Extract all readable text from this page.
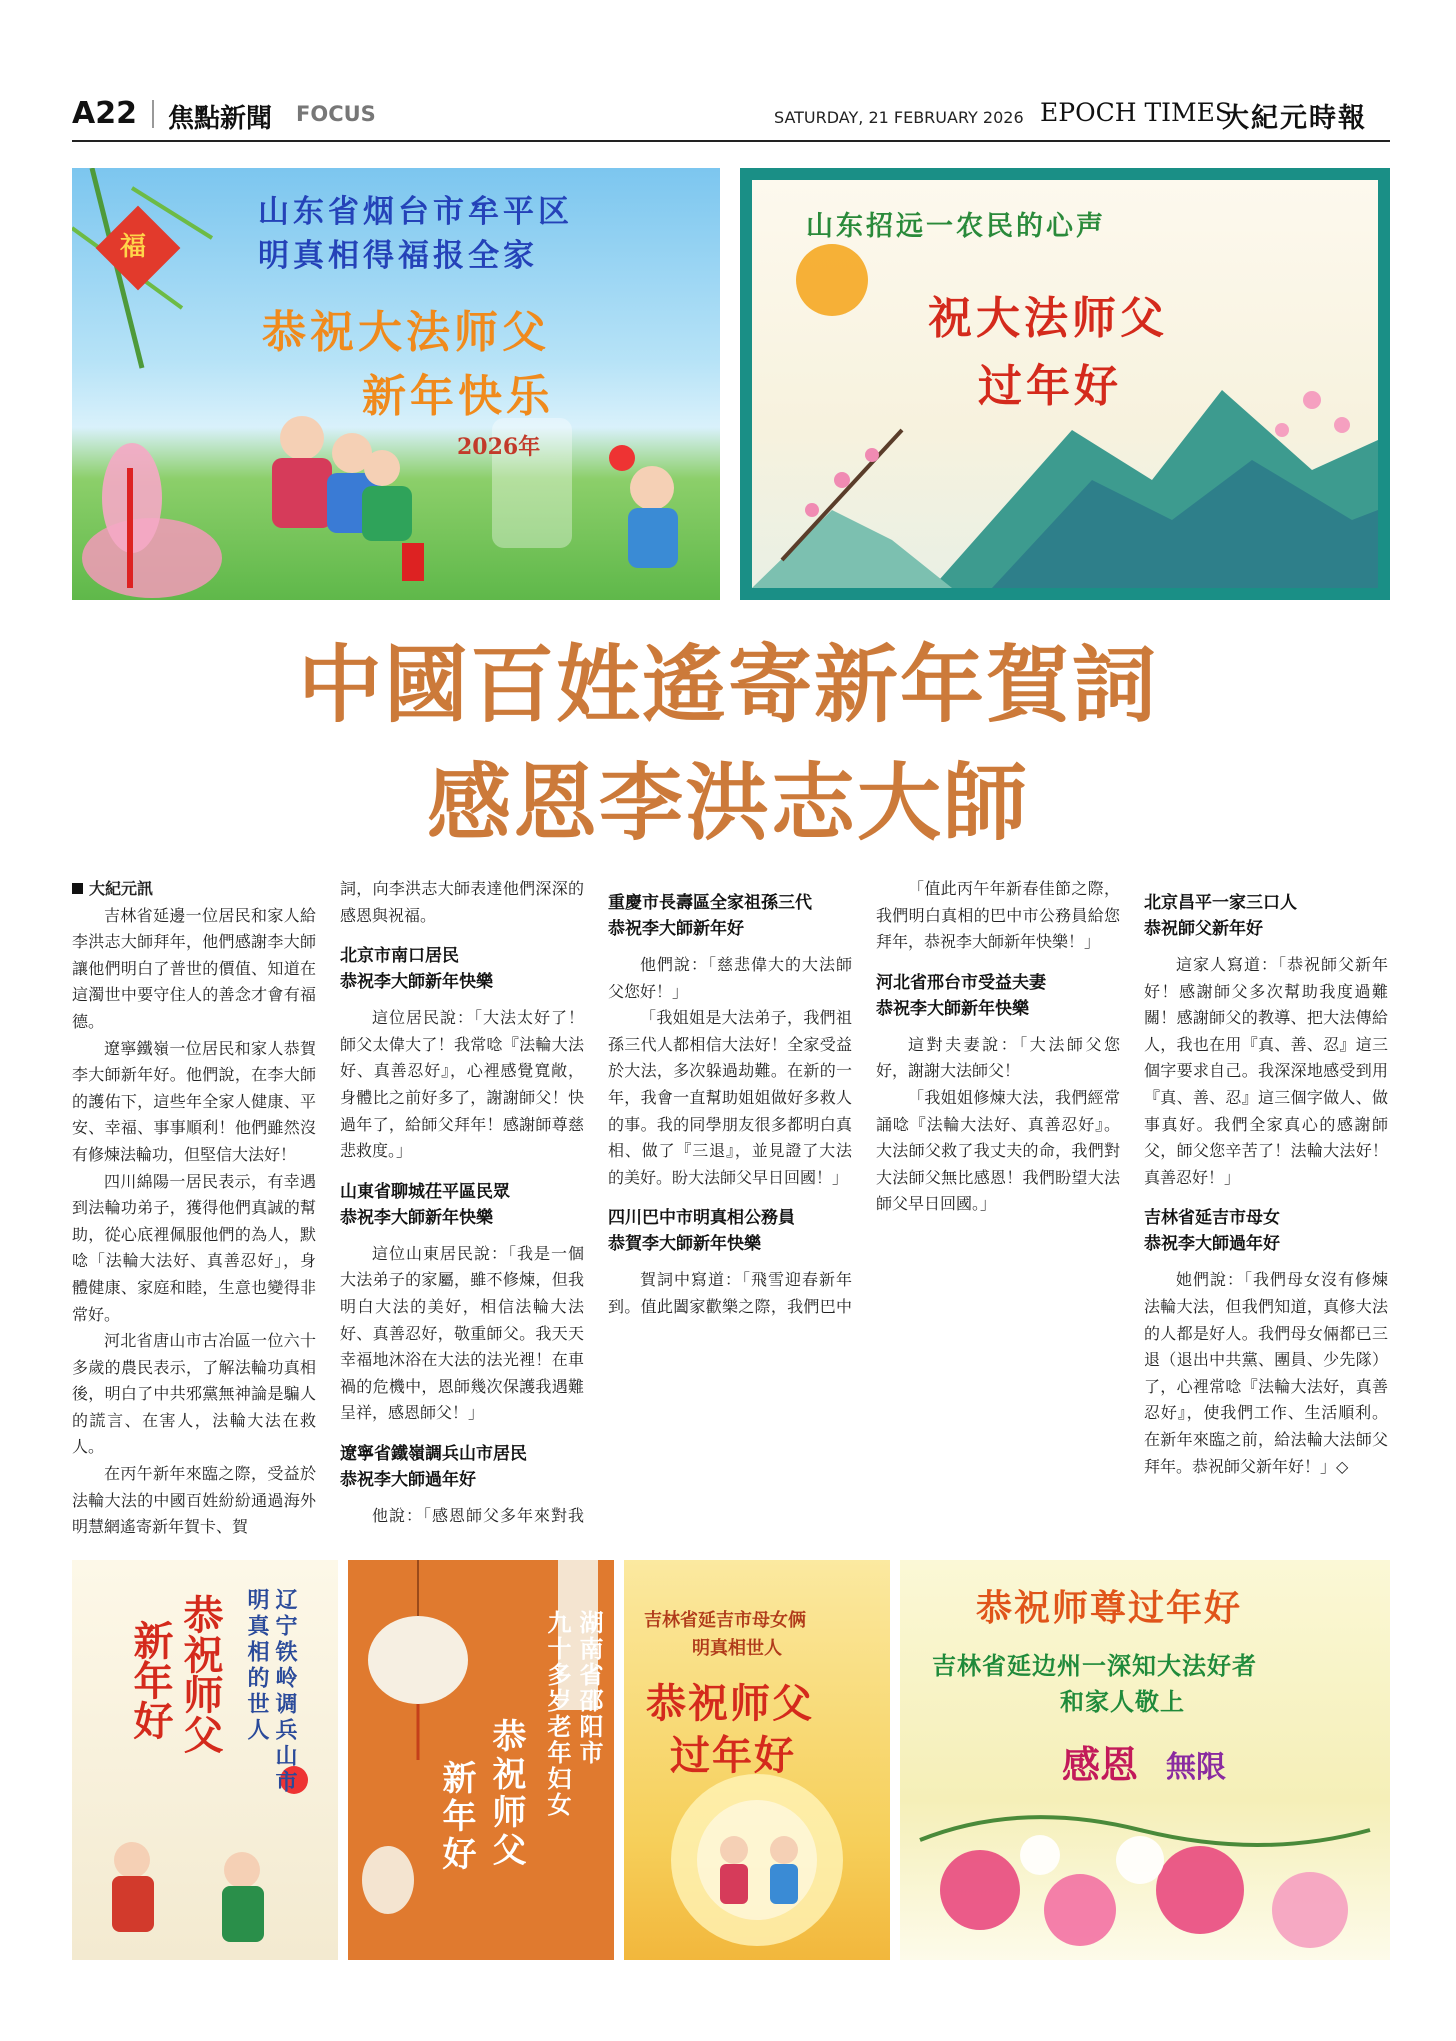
A22 焦點新聞 FOCUS	SATURDAY, 21 FEBRUARY 2026 EPOCH TIMES
大紀元時報
福
山东省烟台市牟平区
明真相得福报全家
恭祝大法师父
新年快乐
2026年
山东招远一农民的心声
祝大法师父
过年好
中國百姓遙寄新年賀詞
感恩李洪志大師

大紀元訊

吉林省延邊一位居民和家人給李洪志大師拜年，他們感謝李大師讓他們明白了普世的價值、知道在這濁世中要守住人的善念才會有福德。

遼寧鐵嶺一位居民和家人恭賀李大師新年好。他們說，在李大師的護佑下，這些年全家人健康、平安、幸福、事事順利！他們雖然沒有修煉法輪功，但堅信大法好！

四川綿陽一居民表示，有幸遇到法輪功弟子，獲得他們真誠的幫助，從心底裡佩服他們的為人，默唸「法輪大法好、真善忍好」，身體健康、家庭和睦，生意也變得非常好。

河北省唐山市古冶區一位六十多歲的農民表示，了解法輪功真相後，明白了中共邪黨無神論是騙人的謊言、在害人，法輪大法在救人。

在丙午新年來臨之際，受益於法輪大法的中國百姓紛紛通過海外明慧網遙寄新年賀卡、賀

詞，向李洪志大師表達他們深深的感恩與祝福。

北京市南口居民
恭祝李大師新年快樂

這位居民說：「大法太好了！師父太偉大了！我常唸『法輪大法好、真善忍好』，心裡感覺寬敞，身體比之前好多了，謝謝師父！快過年了，給師父拜年！感謝師尊慈悲救度。」

山東省聊城茌平區民眾
恭祝李大師新年快樂

這位山東居民說：「我是一個大法弟子的家屬，雖不修煉，但我明白大法的美好，相信法輪大法好、真善忍好，敬重師父。我天天幸福地沐浴在大法的法光裡！在車禍的危機中，恩師幾次保護我遇難呈祥，感恩師父！」

遼寧省鐵嶺調兵山市居民
恭祝李大師過年好

他說：「感恩師父多年來對我

重慶市長壽區全家祖孫三代
恭祝李大師新年好

他們說：「慈悲偉大的大法師父您好！」

「我姐姐是大法弟子，我們祖孫三代人都相信大法好！全家受益於大法，多次躲過劫難。在新的一年，我會一直幫助姐姐做好多救人的事。我的同學朋友很多都明白真相、做了『三退』，並見證了大法的美好。盼大法師父早日回國！」

四川巴中市明真相公務員
恭賀李大師新年快樂

賀詞中寫道：「飛雪迎春新年到。值此闔家歡樂之際，我們巴中

「值此丙午年新春佳節之際，我們明白真相的巴中市公務員給您拜年，恭祝李大師新年快樂！」

河北省邢台市受益夫妻
恭祝李大師新年快樂

這對夫妻說：「大法師父您好，謝謝大法師父！

「我姐姐修煉大法，我們經常誦唸『法輪大法好、真善忍好』。大法師父救了我丈夫的命，我們對大法師父無比感恩！我們盼望大法師父早日回國。」

北京昌平一家三口人
恭祝師父新年好

這家人寫道：「恭祝師父新年好！感謝師父多次幫助我度過難關！感謝師父的教導、把大法傳給人，我也在用『真、善、忍』這三個字要求自己。我深深地感受到用『真、善、忍』這三個字做人、做事真好。我們全家真心的感謝師父，師父您辛苦了！法輪大法好！真善忍好！」

吉林省延吉市母女
恭祝李大師過年好

她們說：「我們母女沒有修煉法輪大法，但我們知道，真修大法的人都是好人。我們母女倆都已三退（退出中共黨、團員、少先隊）了，心裡常唸『法輪大法好，真善忍好』，使我們工作、生活順利。在新年來臨之前，給法輪大法師父拜年。恭祝師父新年好！」◇

辽宁铁岭调兵山市
明真相的世人
恭祝师父
新年好	湖南省邵阳市
九十多岁老年妇女
恭祝师父
新年好
吉林省延吉市母女俩
明真相世人
恭祝师父
过年好
恭祝师尊过年好
吉林省延边州一深知大法好者
和家人敬上
感恩 無限
